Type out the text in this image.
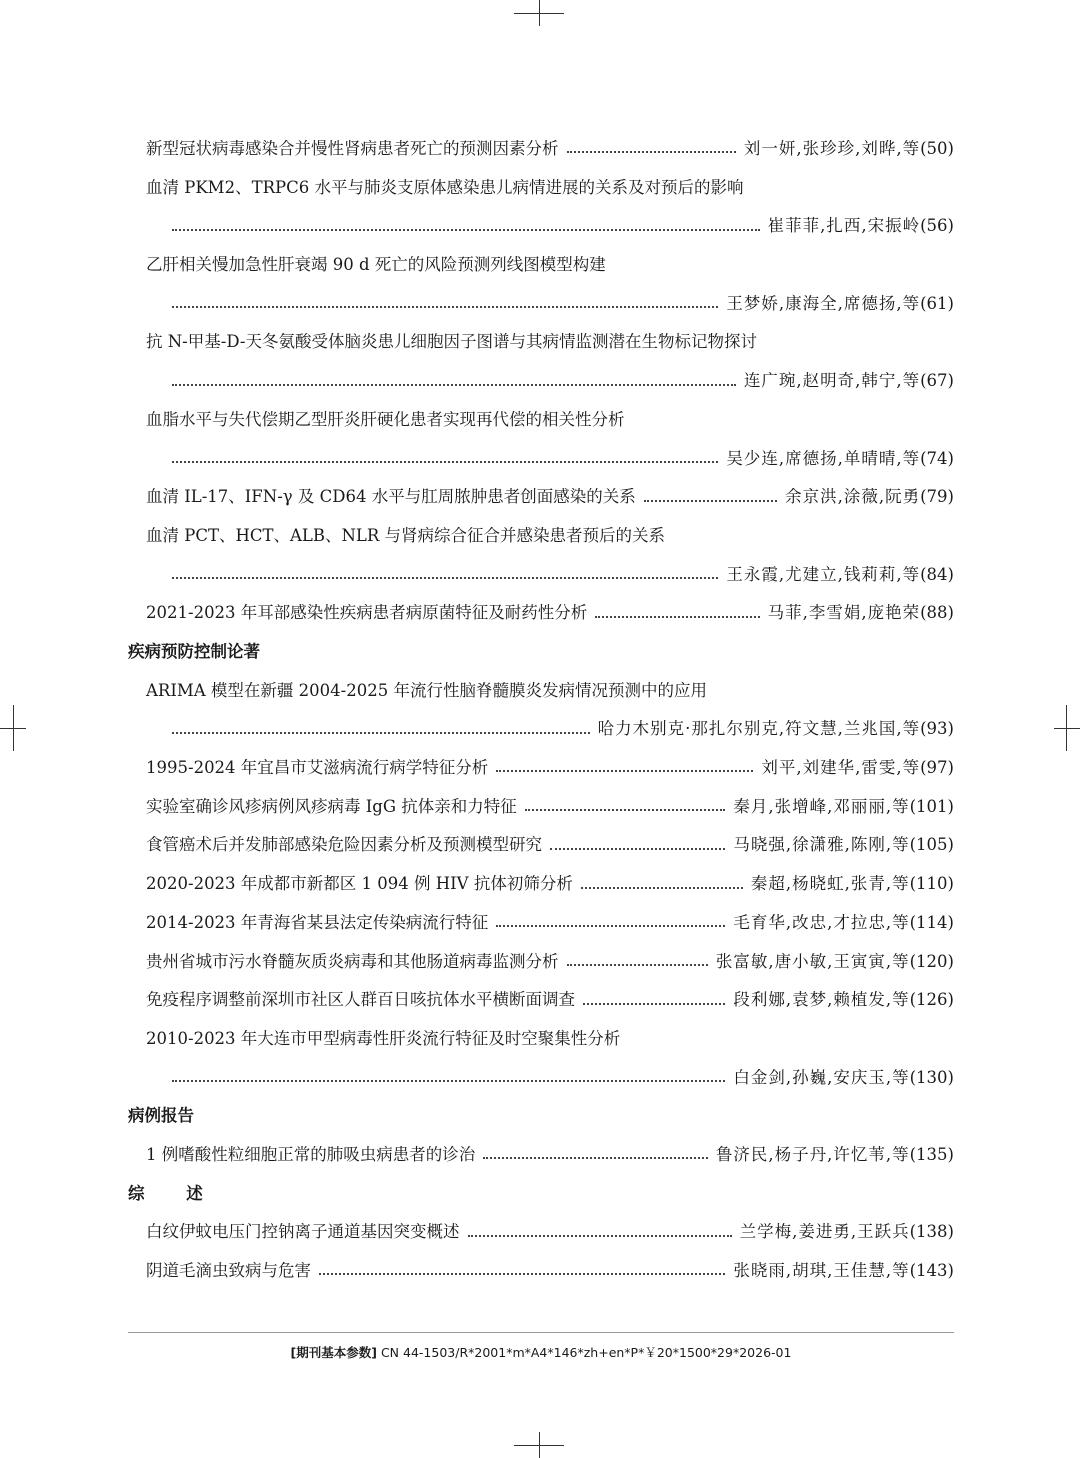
新型冠状病毒感染合并慢性肾病患者死亡的预测因素分析	刘一妍,张珍珍,刘晔,等 (50)
血清 PKM2、TRPC6 水平与肺炎支原体感染患儿病情进展的关系及对预后的影响
崔菲菲,扎西,宋振岭 (56)
乙肝相关慢加急性肝衰竭 90 d 死亡的风险预测列线图模型构建
王梦娇,康海全,席德扬,等 (61)
抗 N-甲基-D-天冬氨酸受体脑炎患儿细胞因子图谱与其病情监测潜在生物标记物探讨
连广琬,赵明奇,韩宁,等 (67)
血脂水平与失代偿期乙型肝炎肝硬化患者实现再代偿的相关性分析
吴少连,席德扬,单晴晴,等 (74)
血清 IL-17、IFN-γ 及 CD64 水平与肛周脓肿患者创面感染的关系	余京洪,涂薇,阮勇 (79)
血清 PCT、HCT、ALB、NLR 与肾病综合征合并感染患者预后的关系
王永霞,尤建立,钱莉莉,等 (84)
2021-2023 年耳部感染性疾病患者病原菌特征及耐药性分析	马菲,李雪娟,庞艳荣 (88)
疾病预防控制论著
ARIMA 模型在新疆 2004-2025 年流行性脑脊髓膜炎发病情况预测中的应用
哈力木别克·那扎尔别克,符文慧,兰兆国,等 (93)
1995-2024 年宜昌市艾滋病流行病学特征分析	刘平,刘建华,雷雯,等 (97)
实验室确诊风疹病例风疹病毒 IgG 抗体亲和力特征	秦月,张增峰,邓丽丽,等 (101)
食管癌术后并发肺部感染危险因素分析及预测模型研究	马晓强,徐潇雅,陈刚,等 (105)
2020-2023 年成都市新都区 1 094 例 HIV 抗体初筛分析	秦超,杨晓虹,张青,等 (110)
2014-2023 年青海省某县法定传染病流行特征	毛育华,改忠,才拉忠,等 (114)
贵州省城市污水脊髓灰质炎病毒和其他肠道病毒监测分析	张富敏,唐小敏,王寅寅,等 (120)
免疫程序调整前深圳市社区人群百日咳抗体水平横断面调查	段利娜,袁梦,赖植发,等 (126)
2010-2023 年大连市甲型病毒性肝炎流行特征及时空聚集性分析
白金剑,孙巍,安庆玉,等 (130)
病例报告
1 例嗜酸性粒细胞正常的肺吸虫病患者的诊治	鲁济民,杨子丹,许忆苇,等 (135)
综 述
白纹伊蚊电压门控钠离子通道基因突变概述	兰学梅,姜进勇,王跃兵 (138)
阴道毛滴虫致病与危害	张晓雨,胡琪,王佳慧,等 (143)
[期刊基本参数] CN 44-1503/R*2001*m*A4*146*zh+en*P*￥20*1500*29*2026-01
